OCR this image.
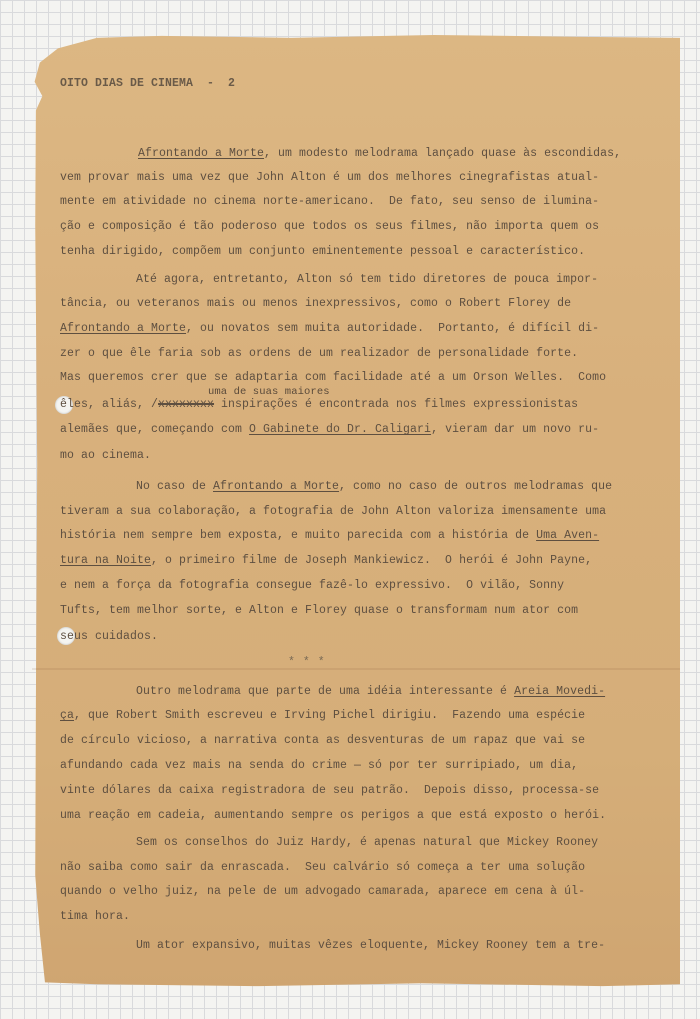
OITO DIAS DE CINEMA  -  2
Afrontando a Morte, um modesto melodrama lançado quase às escondidas,
vem provar mais uma vez que John Alton é um dos melhores cinegrafistas atual-
mente em atividade no cinema norte-americano.  De fato, seu senso de ilumina-
ção e composição é tão poderoso que todos os seus filmes, não importa quem os
tenha dirigido, compõem um conjunto eminentemente pessoal e característico.
Até agora, entretanto, Alton só tem tido diretores de pouca impor-
tância, ou veteranos mais ou menos inexpressivos, como o Robert Florey de
Afrontando a Morte, ou novatos sem muita autoridade.  Portanto, é difícil di-
zer o que êle faria sob as ordens de um realizador de personalidade forte.
Mas queremos crer que se adaptaria com facilidade até a um Orson Welles.  Como
uma de suas maiores
êles, aliás, /xxxxxxxx inspirações é encontrada nos filmes expressionistas
alemães que, começando com O Gabinete do Dr. Caligari, vieram dar um novo ru-
mo ao cinema.
No caso de Afrontando a Morte, como no caso de outros melodramas que
tiveram a sua colaboração, a fotografia de John Alton valoriza imensamente uma
história nem sempre bem exposta, e muito parecida com a história de Uma Aven-
tura na Noite, o primeiro filme de Joseph Mankiewicz.  O herói é John Payne,
e nem a força da fotografia consegue fazê-lo expressivo.  O vilão, Sonny
Tufts, tem melhor sorte, e Alton e Florey quase o transformam num ator com
seus cuidados.
***
Outro melodrama que parte de uma idéia interessante é Areia Movedi-
ça, que Robert Smith escreveu e Irving Pichel dirigiu.  Fazendo uma espécie
de círculo vicioso, a narrativa conta as desventuras de um rapaz que vai se
afundando cada vez mais na senda do crime — só por ter surripiado, um dia,
vinte dólares da caixa registradora de seu patrão.  Depois disso, processa-se
uma reação em cadeia, aumentando sempre os perigos a que está exposto o herói.
Sem os conselhos do Juiz Hardy, é apenas natural que Mickey Rooney
não saiba como sair da enrascada.  Seu calvário só começa a ter uma solução
quando o velho juiz, na pele de um advogado camarada, aparece em cena à úl-
tima hora.
Um ator expansivo, muitas vêzes eloquente, Mickey Rooney tem a tre-
